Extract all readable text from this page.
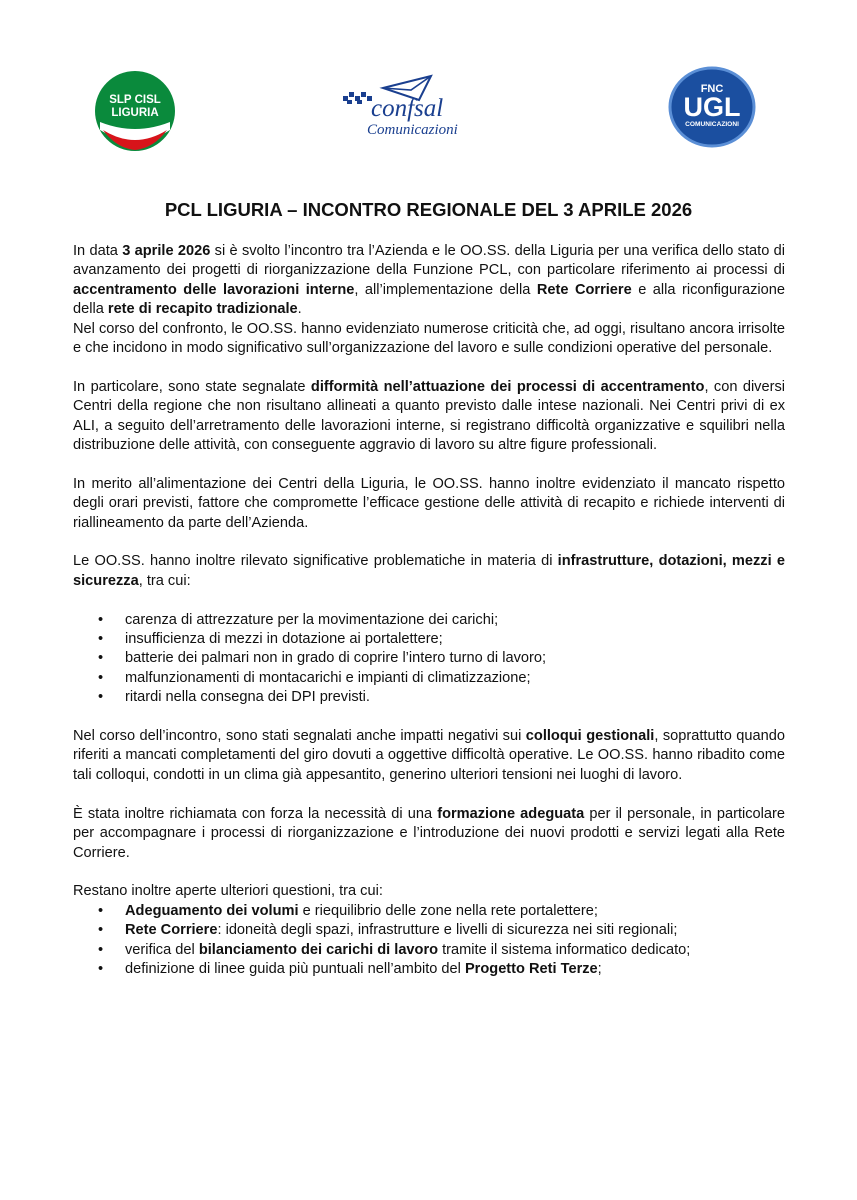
SLP CISL
LIGURIA	confsal
Comunicazioni
FNC
UGL
COMUNICAZIONI
PCL LIGURIA – INCONTRO REGIONALE DEL 3 APRILE 2026

In data 3 aprile 2026 si è svolto l’incontro tra l’Azienda e le OO.SS. della Liguria per una verifica dello stato di avanzamento dei progetti di riorganizzazione della Funzione PCL, con particolare riferimento ai processi di accentramento delle lavorazioni interne, all’implementazione della Rete Corriere e alla riconfigurazione della rete di recapito tradizionale.

Nel corso del confronto, le OO.SS. hanno evidenziato numerose criticità che, ad oggi, risultano ancora irrisolte e che incidono in modo significativo sull’organizzazione del lavoro e sulle condizioni operative del personale.

In particolare, sono state segnalate difformità nell’attuazione dei processi di accentramento, con diversi Centri della regione che non risultano allineati a quanto previsto dalle intese nazionali. Nei Centri privi di ex ALI, a seguito dell’arretramento delle lavorazioni interne, si registrano difficoltà organizzative e squilibri nella distribuzione delle attività, con conseguente aggravio di lavoro su altre figure professionali.

In merito all’alimentazione dei Centri della Liguria, le OO.SS. hanno inoltre evidenziato il mancato rispetto degli orari previsti, fattore che compromette l’efficace gestione delle attività di recapito e richiede interventi di riallineamento da parte dell’Azienda.

Le OO.SS. hanno inoltre rilevato significative problematiche in materia di infrastrutture, dotazioni, mezzi e sicurezza, tra cui:

• carenza di attrezzature per la movimentazione dei carichi;
• insufficienza di mezzi in dotazione ai portalettere;
• batterie dei palmari non in grado di coprire l’intero turno di lavoro;
• malfunzionamenti di montacarichi e impianti di climatizzazione;
• ritardi nella consegna dei DPI previsti.

Nel corso dell’incontro, sono stati segnalati anche impatti negativi sui colloqui gestionali, soprattutto quando riferiti a mancati completamenti del giro dovuti a oggettive difficoltà operative. Le OO.SS. hanno ribadito come tali colloqui, condotti in un clima già appesantito, generino ulteriori tensioni nei luoghi di lavoro.

È stata inoltre richiamata con forza la necessità di una formazione adeguata per il personale, in particolare per accompagnare i processi di riorganizzazione e l’introduzione dei nuovi prodotti e servizi legati alla Rete Corriere.

Restano inoltre aperte ulteriori questioni, tra cui:

• Adeguamento dei volumi e riequilibrio delle zone nella rete portalettere;
• Rete Corriere: idoneità degli spazi, infrastrutture e livelli di sicurezza nei siti regionali;
• verifica del bilanciamento dei carichi di lavoro tramite il sistema informatico dedicato;
• definizione di linee guida più puntuali nell’ambito del Progetto Reti Terze;
